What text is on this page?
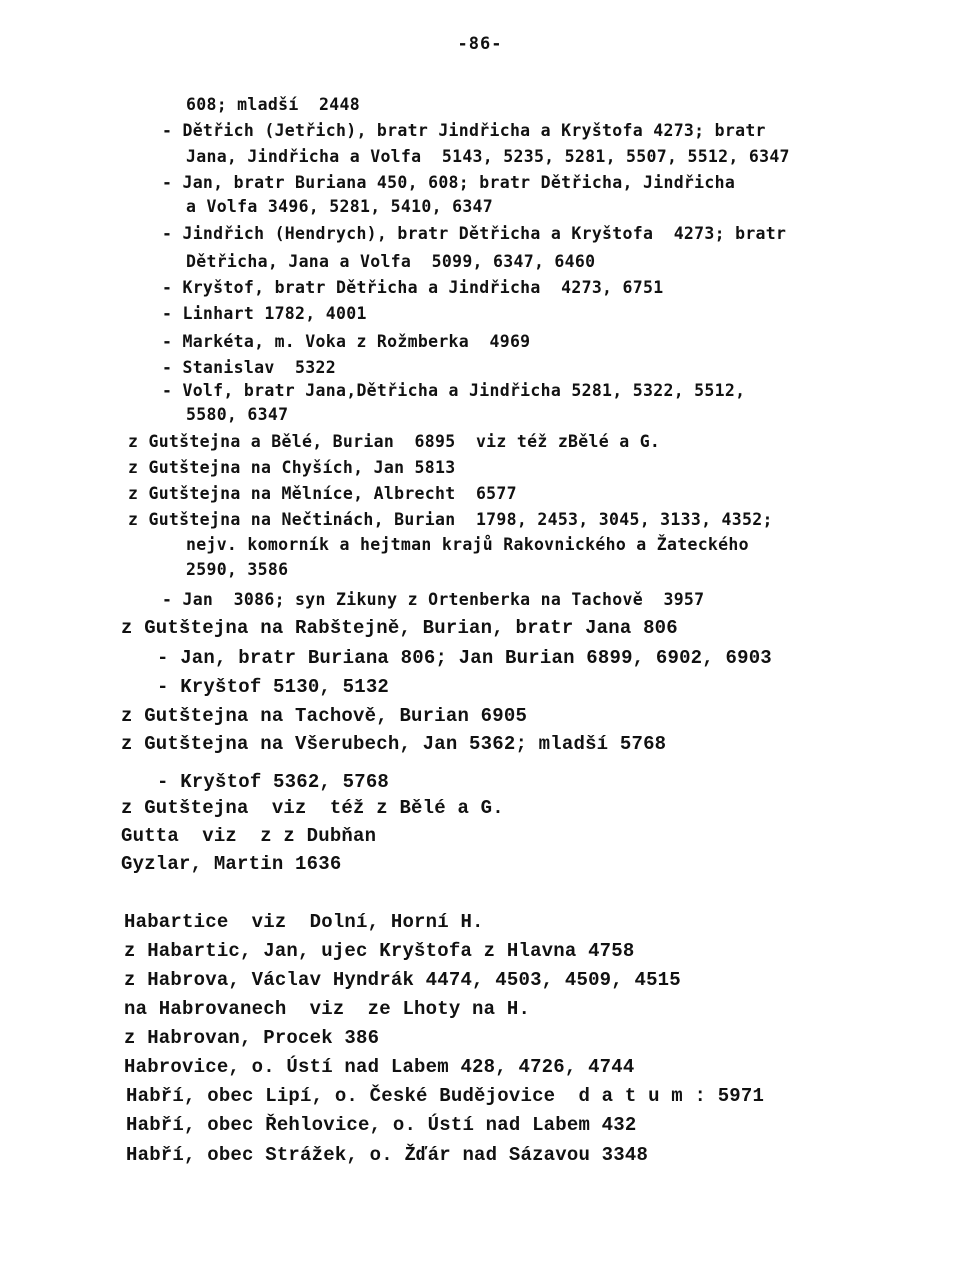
-86-
608; mladší  2448
- Dětřich (Jetřich), bratr Jindřicha a Kryštofa 4273; bratr
Jana, Jindřicha a Volfa  5143, 5235, 5281, 5507, 5512, 6347
- Jan, bratr Buriana 450, 608; bratr Dětřicha, Jindřicha
a Volfa 3496, 5281, 5410, 6347
- Jindřich (Hendrych), bratr Dětřicha a Kryštofa  4273; bratr
Dětřicha, Jana a Volfa  5099, 6347, 6460
- Kryštof, bratr Dětřicha a Jindřicha  4273, 6751
- Linhart 1782, 4001
- Markéta, m. Voka z Rožmberka  4969
- Stanislav  5322
- Volf, bratr Jana,Dětřicha a Jindřicha 5281, 5322, 5512,
5580, 6347
z Gutštejna a Bělé, Burian  6895  viz též zBělé a G.
z Gutštejna na Chyších, Jan 5813
z Gutštejna na Mělníce, Albrecht  6577
z Gutštejna na Nečtinách, Burian  1798, 2453, 3045, 3133, 4352;
nejv. komorník a hejtman krajů Rakovnického a Žateckého
2590, 3586
- Jan  3086; syn Zikuny z Ortenberka na Tachově  3957
z Gutštejna na Rabštejně, Burian, bratr Jana 806
- Jan, bratr Buriana 806; Jan Burian 6899, 6902, 6903
- Kryštof 5130, 5132
z Gutštejna na Tachově, Burian 6905
z Gutštejna na Všerubech, Jan 5362; mladší 5768
- Kryštof 5362, 5768
z Gutštejna  viz  též z Bělé a G.
Gutta  viz  z z Dubňan
Gyzlar, Martin 1636
Habartice  viz  Dolní, Horní H.
z Habartic, Jan, ujec Kryštofa z Hlavna 4758
z Habrova, Václav Hyndrák 4474, 4503, 4509, 4515
na Habrovanech  viz  ze Lhoty na H.
z Habrovan, Procek 386
Habrovice, o. Ústí nad Labem 428, 4726, 4744
Habří, obec Lipí, o. České Budějovice  d a t u m : 5971
Habří, obec Řehlovice, o. Ústí nad Labem 432
Habří, obec Strážek, o. Žďár nad Sázavou 3348
